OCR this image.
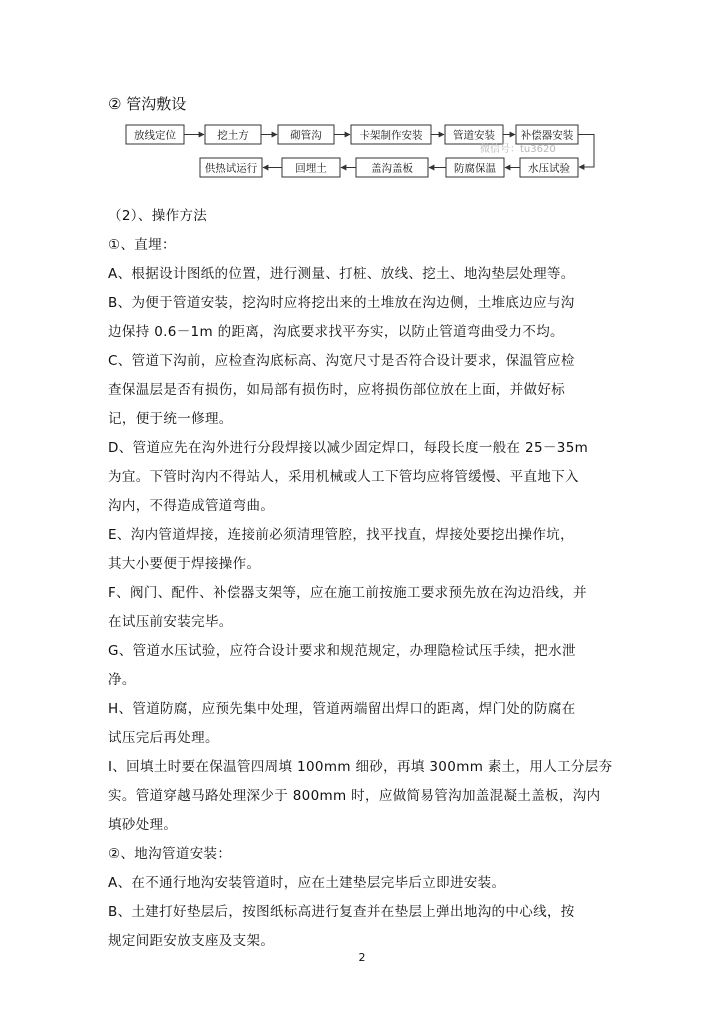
② 管沟敷设
放线定位	挖土方	砌管沟	卡架制作安装	管道安装 补偿器安装
水压试验
防腐保温
盖沟盖板
回埋土
供热试运行
微信号：tu3620
（2）、操作方法
①、直埋：
A、根据设计图纸的位置，进行测量、打桩、放线、挖土、地沟垫层处理等。
B、为便于管道安装，挖沟时应将挖出来的土堆放在沟边侧，土堆底边应与沟
边保持 0.6－1m 的距离，沟底要求找平夯实，以防止管道弯曲受力不均。
C、管道下沟前，应检查沟底标高、沟宽尺寸是否符合设计要求，保温管应检
查保温层是否有损伤，如局部有损伤时，应将损伤部位放在上面，并做好标
记，便于统一修理。
D、管道应先在沟外进行分段焊接以减少固定焊口，每段长度一般在 25－35m
为宜。下管时沟内不得站人，采用机械或人工下管均应将管缓慢、平直地下入
沟内，不得造成管道弯曲。
E、沟内管道焊接，连接前必须清理管腔，找平找直，焊接处要挖出操作坑，
其大小要便于焊接操作。
F、阀门、配件、补偿器支架等，应在施工前按施工要求预先放在沟边沿线，并
在试压前安装完毕。
G、管道水压试验，应符合设计要求和规范规定，办理隐检试压手续，把水泄
净。
H、管道防腐，应预先集中处理，管道两端留出焊口的距离，焊门处的防腐在
试压完后再处理。
I、回填土时要在保温管四周填 100mm 细砂，再填 300mm 素土，用人工分层夯
实。管道穿越马路处理深少于 800mm 时，应做简易管沟加盖混凝土盖板，沟内
填砂处理。
②、地沟管道安装：
A、在不通行地沟安装管道时，应在土建垫层完毕后立即进安装。
B、土建打好垫层后，按图纸标高进行复查并在垫层上弹出地沟的中心线，按
规定间距安放支座及支架。
2
